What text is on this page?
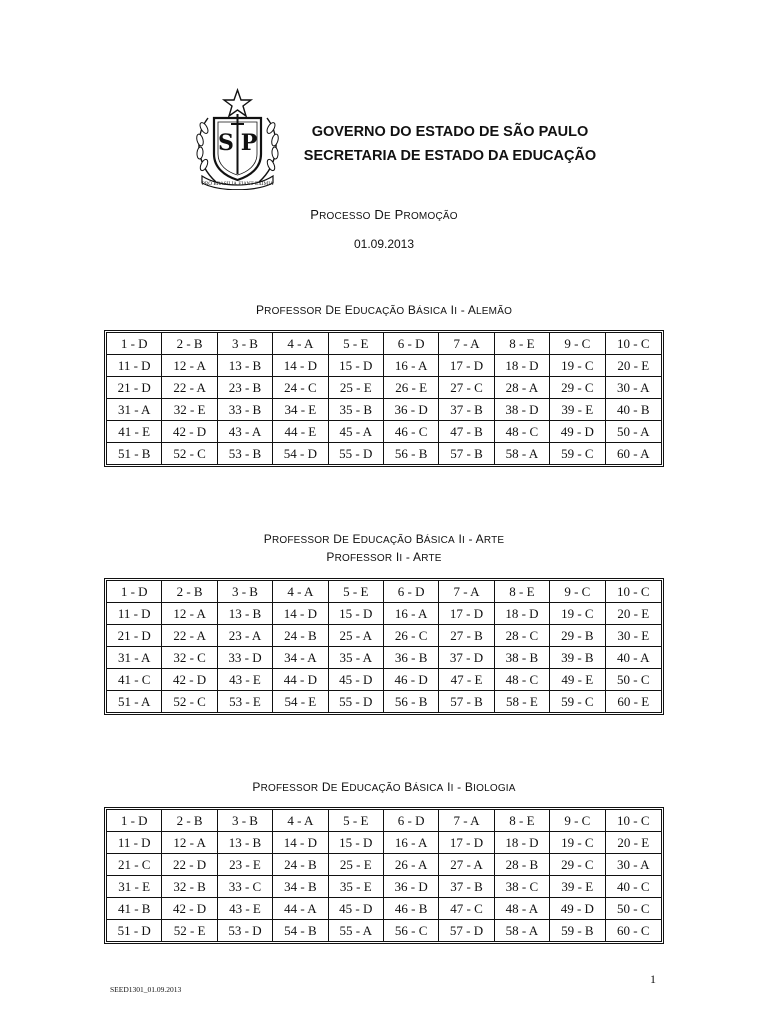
S P
PRO BRASILIA FIANT EXIMIA
GOVERNO DO ESTADO DE SÃO PAULO
SECRETARIA DE ESTADO DA EDUCAÇÃO
PROCESSO DE PROMOÇÃO
01.09.2013
PROFESSOR DE EDUCAÇÃO BÁSICA II - ALEMÃO
1 - D	2 - B	3 - B	4 - A	5 - E	6 - D	7 - A	8 - E	9 - C	10 - C
11 - D	12 - A	13 - B	14 - D	15 - D	16 - A	17 - D	18 - D	19 - C	20 - E
21 - D	22 - A	23 - B	24 - C	25 - E	26 - E	27 - C	28 - A	29 - C	30 - A
31 - A	32 - E	33 - B	34 - E	35 - B	36 - D	37 - B	38 - D	39 - E	40 - B
41 - E	42 - D	43 - A	44 - E	45 - A	46 - C	47 - B	48 - C	49 - D	50 - A
51 - B	52 - C	53 - B	54 - D	55 - D	56 - B	57 - B	58 - A	59 - C	60 - A
PROFESSOR DE EDUCAÇÃO BÁSICA II - ARTE
PROFESSOR II - ARTE
1 - D	2 - B	3 - B	4 - A	5 - E	6 - D	7 - A	8 - E	9 - C	10 - C
11 - D	12 - A	13 - B	14 - D	15 - D	16 - A	17 - D	18 - D	19 - C	20 - E
21 - D	22 - A	23 - A	24 - B	25 - A	26 - C	27 - B	28 - C	29 - B	30 - E
31 - A	32 - C	33 - D	34 - A	35 - A	36 - B	37 - D	38 - B	39 - B	40 - A
41 - C	42 - D	43 - E	44 - D	45 - D	46 - D	47 - E	48 - C	49 - E	50 - C
51 - A	52 - C	53 - E	54 - E	55 - D	56 - B	57 - B	58 - E	59 - C	60 - E
PROFESSOR DE EDUCAÇÃO BÁSICA II - BIOLOGIA
1 - D	2 - B	3 - B	4 - A	5 - E	6 - D	7 - A	8 - E	9 - C	10 - C
11 - D	12 - A	13 - B	14 - D	15 - D	16 - A	17 - D	18 - D	19 - C	20 - E
21 - C	22 - D	23 - E	24 - B	25 - E	26 - A	27 - A	28 - B	29 - C	30 - A
31 - E	32 - B	33 - C	34 - B	35 - E	36 - D	37 - B	38 - C	39 - E	40 - C
41 - B	42 - D	43 - E	44 - A	45 - D	46 - B	47 - C	48 - A	49 - D	50 - C
51 - D	52 - E	53 - D	54 - B	55 - A	56 - C	57 - D	58 - A	59 - B	60 - C
1
SEED1301_01.09.2013
